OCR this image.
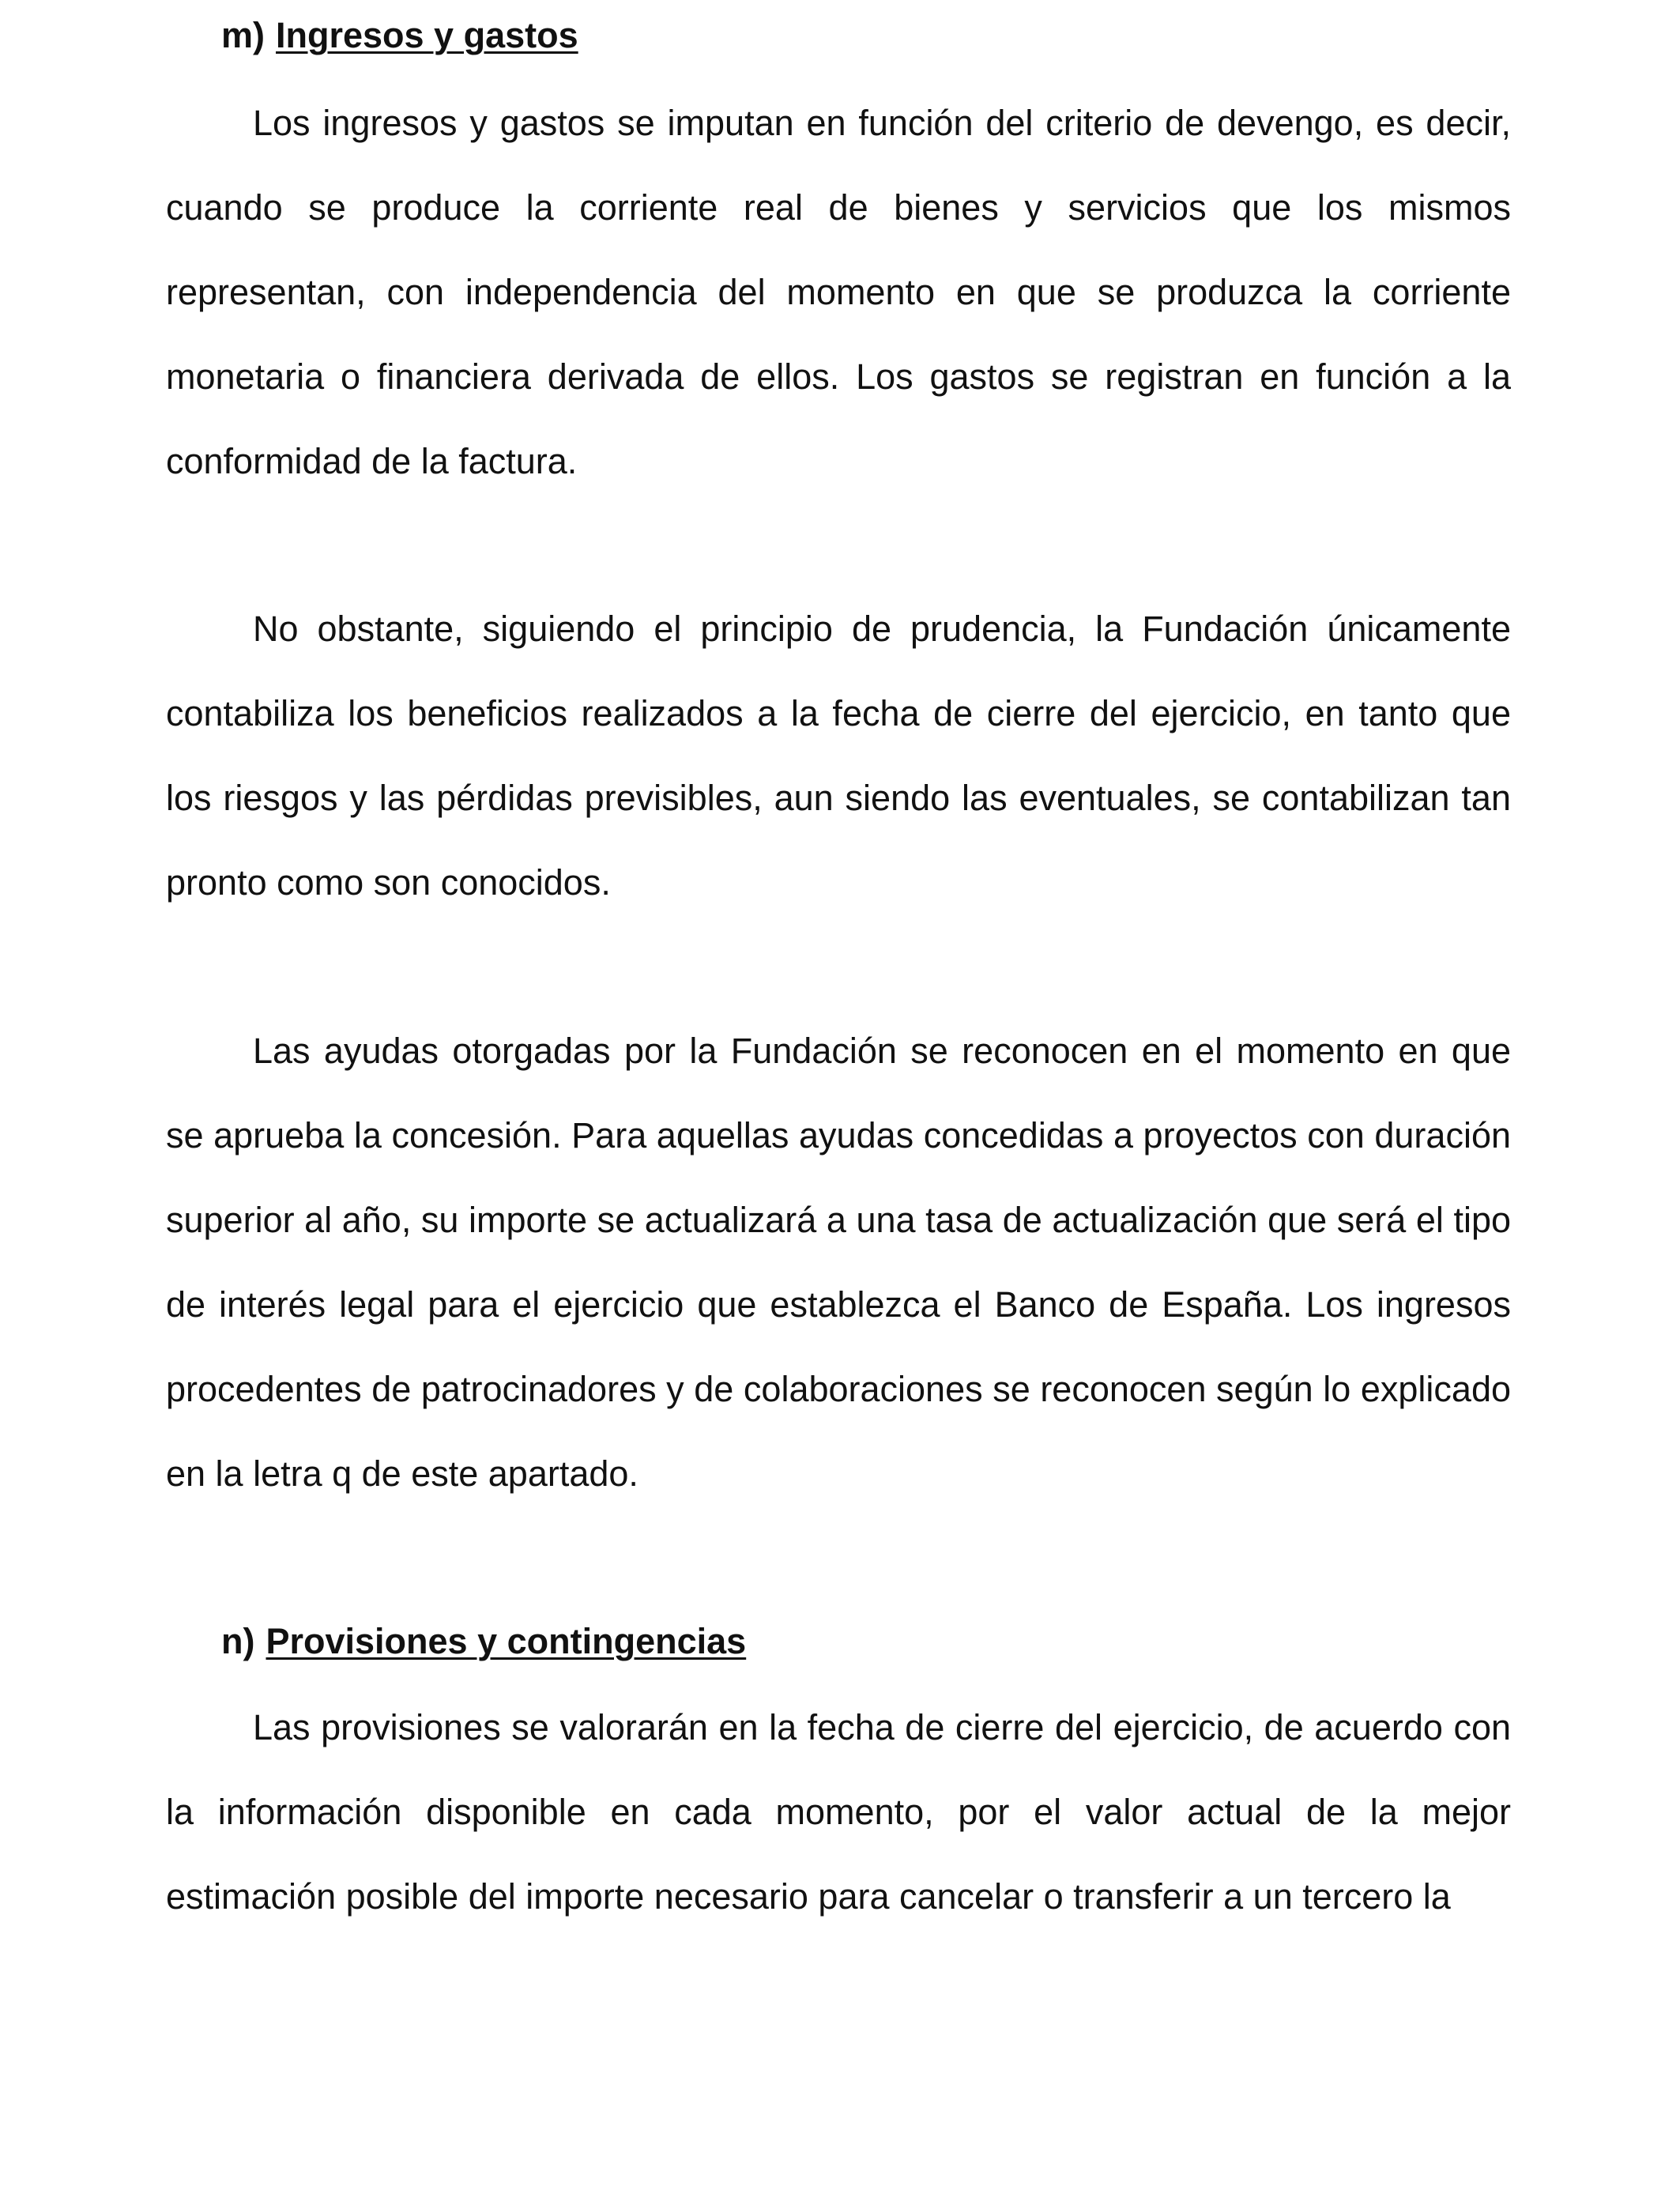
m) Ingresos y gastos

Los ingresos y gastos se imputan en función del criterio de devengo, es decir, cuando se produce la corriente real de bienes y servicios que los mismos representan, con independencia del momento en que se produzca la corriente monetaria o financiera derivada de ellos. Los gastos se registran en función a la conformidad de la factura.

No obstante, siguiendo el principio de prudencia, la Fundación únicamente contabiliza los beneficios realizados a la fecha de cierre del ejercicio, en tanto que los riesgos y las pérdidas previsibles, aun siendo las eventuales, se contabilizan tan pronto como son conocidos.

Las ayudas otorgadas por la Fundación se reconocen en el momento en que se aprueba la concesión. Para aquellas ayudas concedidas a proyectos con duración superior al año, su importe se actualizará a una tasa de actualización que será el tipo de interés legal para el ejercicio que establezca el Banco de España. Los ingresos procedentes de patrocinadores y de colaboraciones se reconocen según lo explicado en la letra q de este apartado.

n) Provisiones y contingencias

Las provisiones se valorarán en la fecha de cierre del ejercicio, de acuerdo con la información disponible en cada momento, por el valor actual de la mejor estimación posible del importe necesario para cancelar o transferir a un tercero la
